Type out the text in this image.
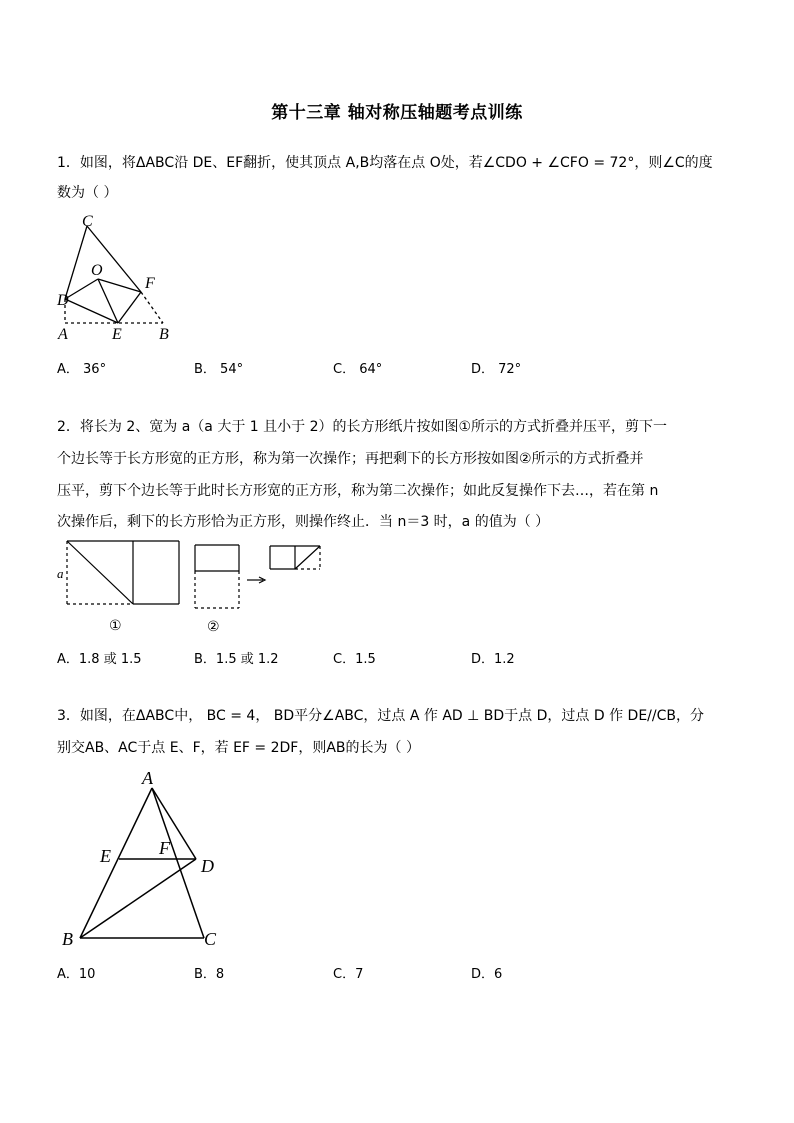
第十三章 轴对称压轴题考点训练
1．如图，将ΔABC沿 DE、EF翻折，使其顶点 A,B均落在点 O处，若∠CDO + ∠CFO = 72°，则∠C的度
数为（ ）
C
O
F
D
A	E B
A． 36°	B． 54°	C． 64°	D． 72°
2．将长为 2、宽为 a（a 大于 1 且小于 2）的长方形纸片按如图①所示的方式折叠并压平，剪下一
个边长等于长方形宽的正方形，称为第一次操作；再把剩下的长方形按如图②所示的方式折叠并
压平，剪下个边长等于此时长方形宽的正方形，称为第二次操作；如此反复操作下去…，若在第 n
次操作后，剩下的长方形恰为正方形，则操作终止．当 n＝3 时，a 的值为（ ）
a
①	②
A．1.8 或 1.5	B．1.5 或 1.2	C．1.5	D．1.2
3．如图，在ΔABC中， BC = 4， BD平分∠ABC，过点 A 作 AD ⊥ BD于点 D，过点 D 作 DE//CB，分
别交AB、AC于点 E、F，若 EF = 2DF，则AB的长为（ ）
A
E	F
D
B	C
A．10	B．8	C．7	D．6
